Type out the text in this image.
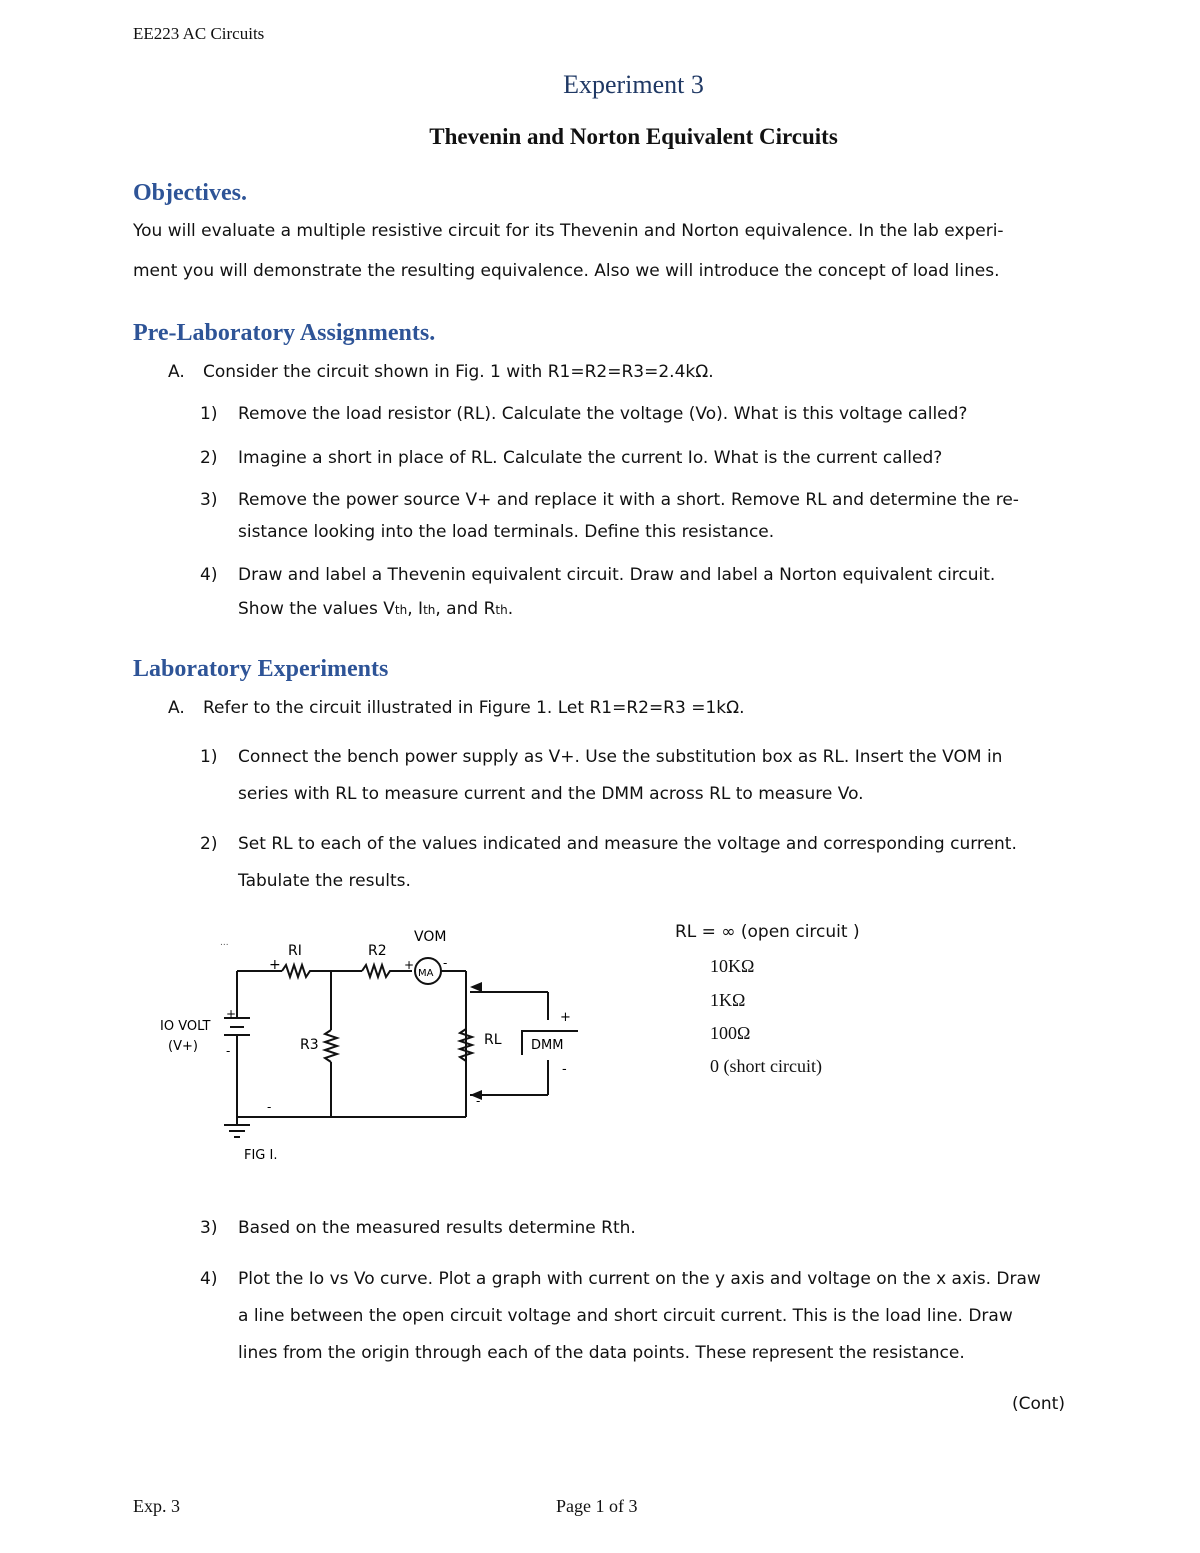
EE223 AC Circuits
Experiment 3
Thevenin and Norton Equivalent Circuits
Objectives.
You will evaluate a multiple resistive circuit for its Thevenin and Norton equivalence. In the lab experi-
ment you will demonstrate the resulting equivalence. Also we will introduce the concept of load lines.
Pre-Laboratory Assignments.
A. Consider the circuit shown in Fig. 1 with R1=R2=R3=2.4kΩ.
1) Remove the load resistor (RL). Calculate the voltage (Vo). What is this voltage called?
2) Imagine a short in place of RL. Calculate the current Io. What is the current called?
3) Remove the power source V+ and replace it with a short. Remove RL and determine the re-
sistance looking into the load terminals. Define this resistance.
4) Draw and label a Thevenin equivalent circuit. Draw and label a Norton equivalent circuit.
Show the values Vth, Ith, and Rth.
Laboratory Experiments
A. Refer to the circuit illustrated in Figure 1. Let R1=R2=R3 =1kΩ.
1) Connect the bench power supply as V+. Use the substitution box as RL. Insert the VOM in
series with RL to measure current and the DMM across RL to measure Vo.
2) Set RL to each of the values indicated and measure the voltage and corresponding current.
Tabulate the results.
...	RI	R2
VOM
MA
+	+ -
IO VOLT
(V+)
+
-	R3	RL DMM
+
-
-	-
FIG I.
RL = ∞ (open circuit )
10KΩ
1KΩ
100Ω
0 (short circuit)
3) Based on the measured results determine Rth.
4) Plot the Io vs Vo curve. Plot a graph with current on the y axis and voltage on the x axis. Draw
a line between the open circuit voltage and short circuit current. This is the load line. Draw
lines from the origin through each of the data points. These represent the resistance.
(Cont)
Exp. 3	Page 1 of 3
